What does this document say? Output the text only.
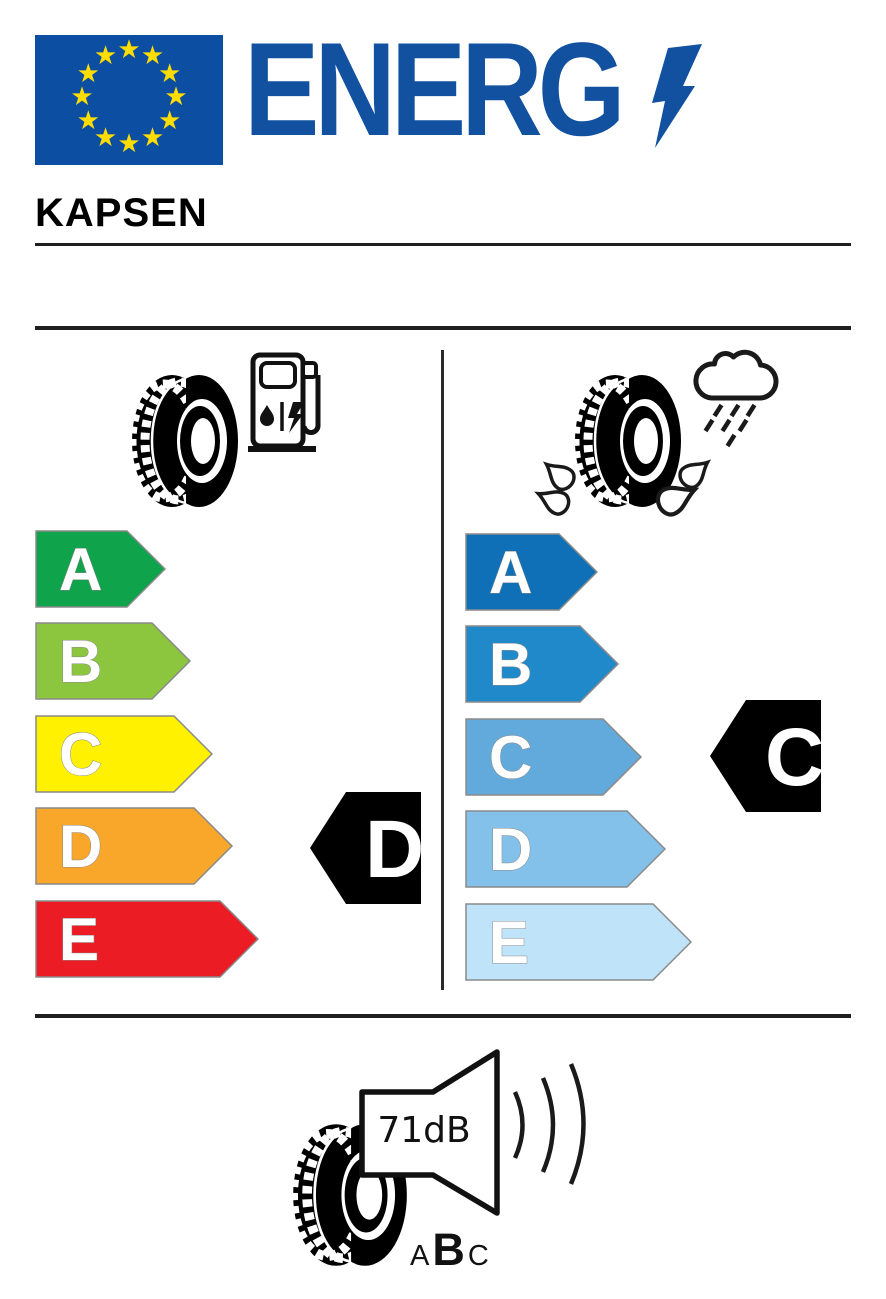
★ ★
★
★
★
★
★
★
★
★
★
★ ENERG
KAPSEN
A
B
C
D
E
D
A
B
C
D
E
C
71dB
A B C
